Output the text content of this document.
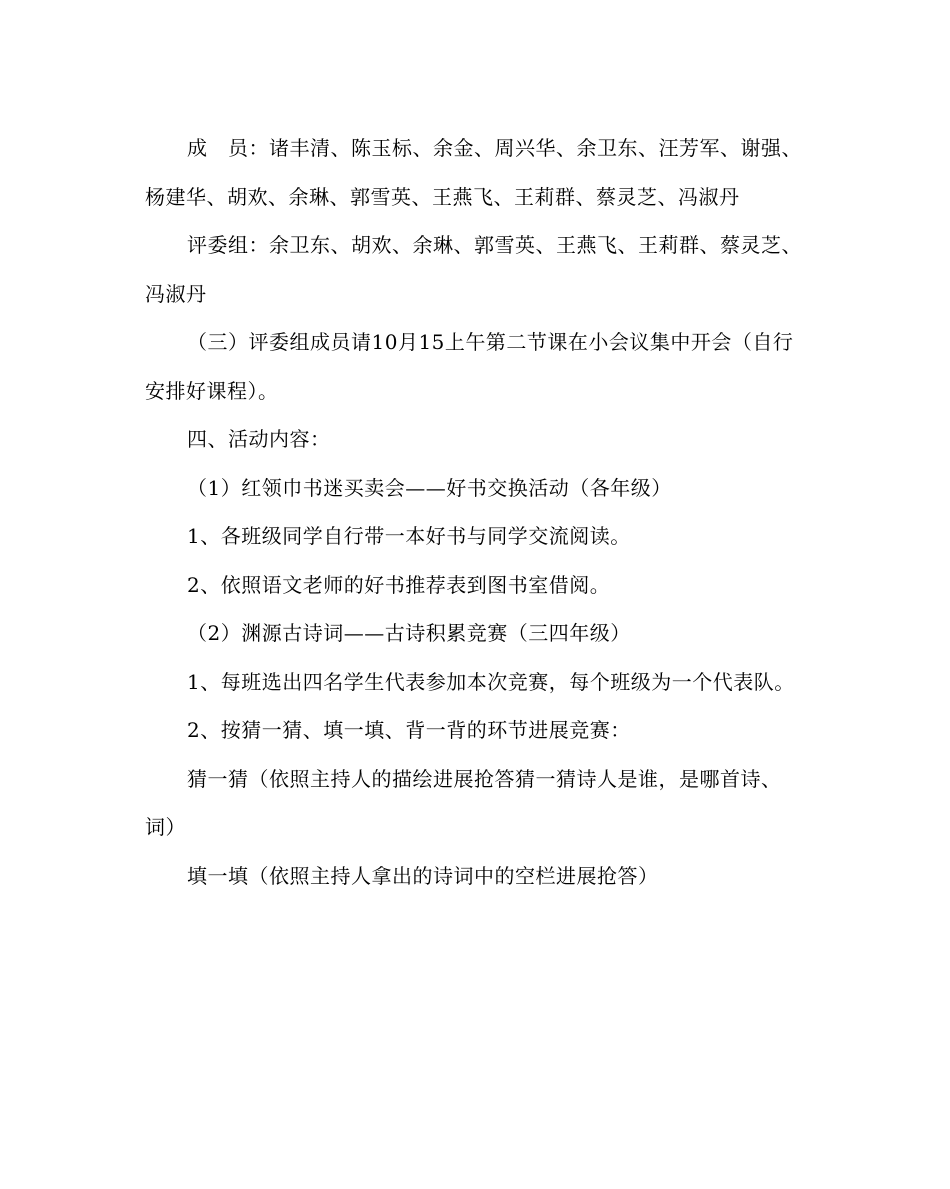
成　员：诸丰清、陈玉标、余金、周兴华、余卫东、汪芳军、谢强、杨建华、胡欢、余琳、郭雪英、王燕飞、王莉群、蔡灵芝、冯淑丹

评委组：余卫东、胡欢、余琳、郭雪英、王燕飞、王莉群、蔡灵芝、冯淑丹

（三）评委组成员请10月15上午第二节课在小会议集中开会（自行安排好课程）。

四、活动内容：

（1）红领巾书迷买卖会——好书交换活动（各年级）

1、各班级同学自行带一本好书与同学交流阅读。

2、依照语文老师的好书推荐表到图书室借阅。

（2）渊源古诗词——古诗积累竞赛（三四年级）

1、每班选出四名学生代表参加本次竞赛，每个班级为一个代表队。

2、按猜一猜、填一填、背一背的环节进展竞赛：

猜一猜（依照主持人的描绘进展抢答猜一猜诗人是谁，是哪首诗、词）

填一填（依照主持人拿出的诗词中的空栏进展抢答）
